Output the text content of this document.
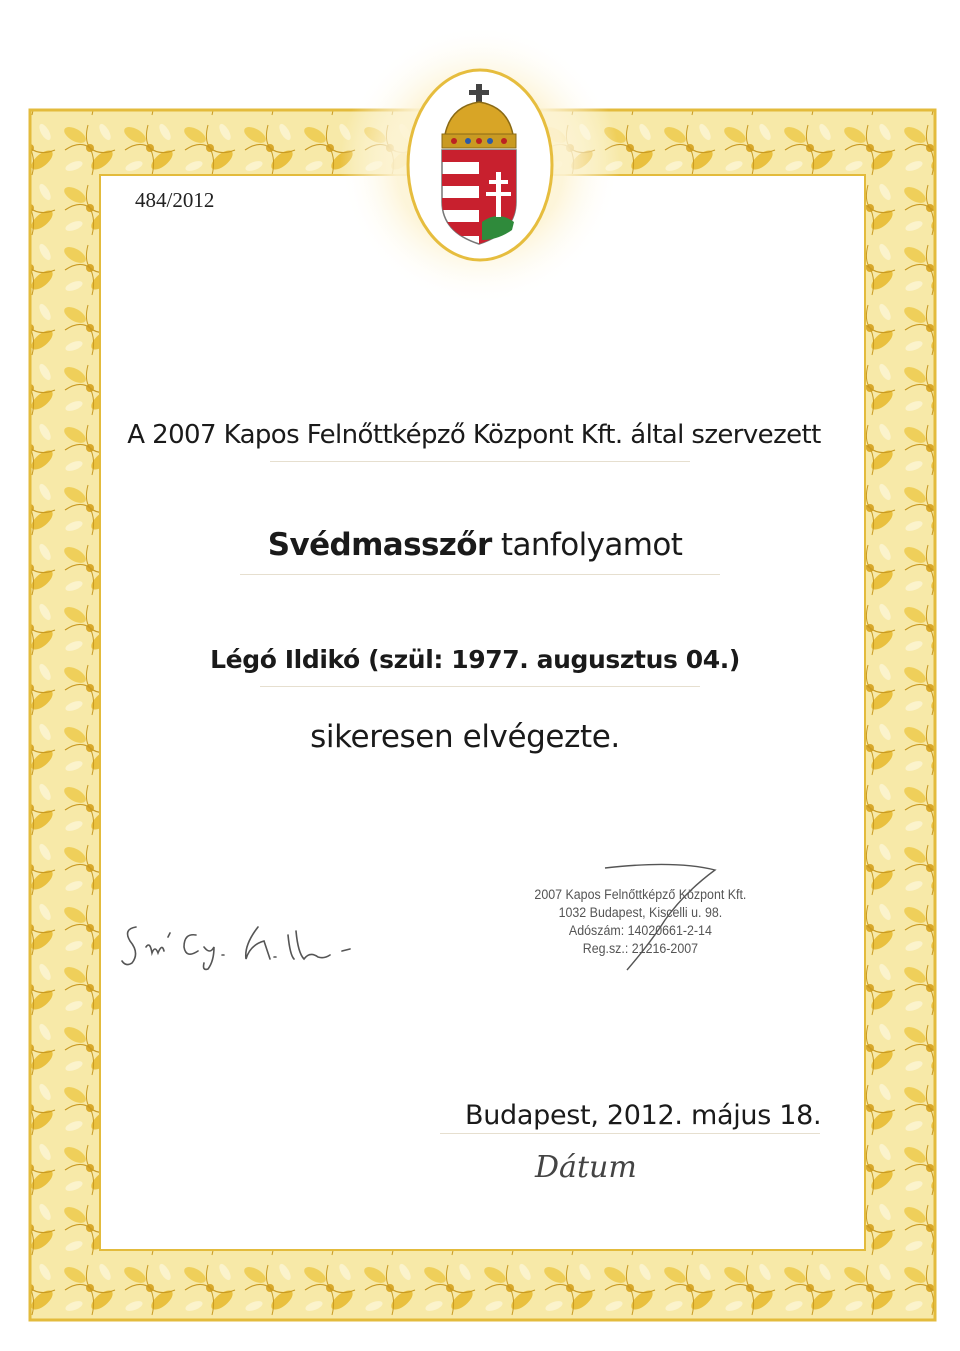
484/2012
A 2007 Kapos Felnőttképző Központ Kft. által szervezett
Svédmasszőr tanfolyamot
Légó Ildikó (szül: 1977. augusztus 04.)
sikeresen elvégezte.
2007 Kapos Felnőttképző Központ Kft.
1032 Budapest, Kiscelli u. 98.
Adószám: 14020661-2-14
Reg.sz.: 21216-2007
Budapest, 2012. május 18.
Dátum
